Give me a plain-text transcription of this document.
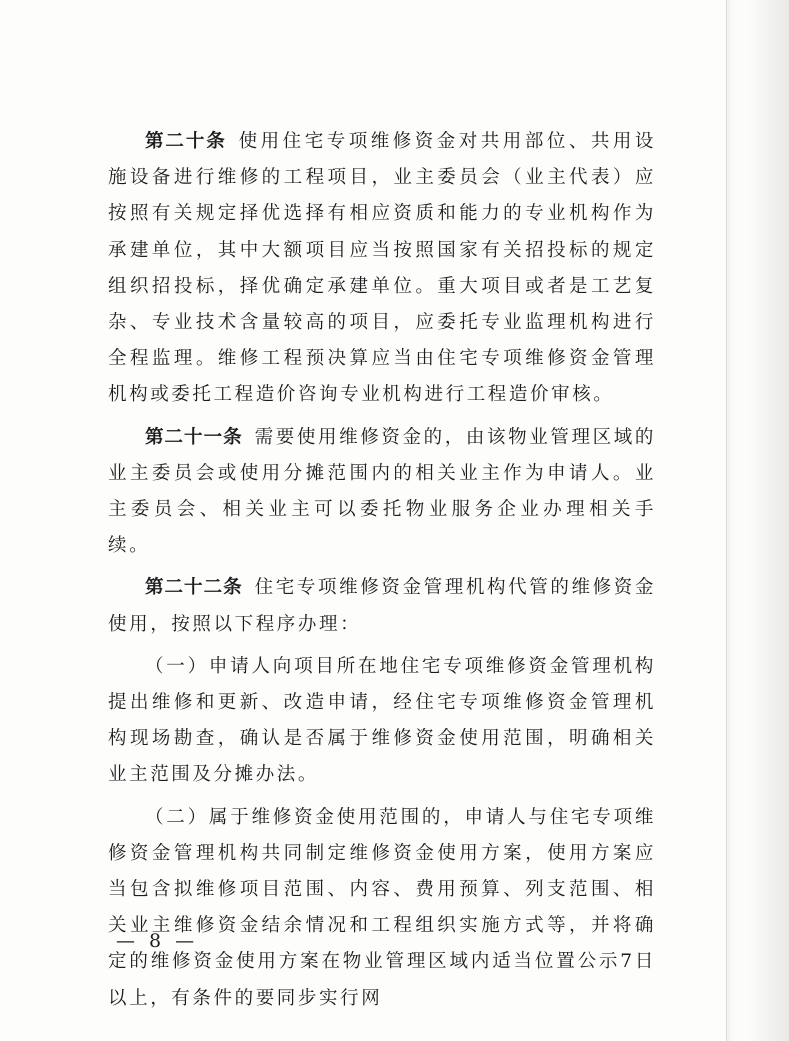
第二十条 使用住宅专项维修资金对共用部位、共用设施设备进行维修的工程项目，业主委员会（业主代表）应按照有关规定择优选择有相应资质和能力的专业机构作为承建单位，其中大额项目应当按照国家有关招投标的规定组织招投标，择优确定承建单位。重大项目或者是工艺复杂、专业技术含量较高的项目，应委托专业监理机构进行全程监理。维修工程预决算应当由住宅专项维修资金管理机构或委托工程造价咨询专业机构进行工程造价审核。

第二十一条 需要使用维修资金的，由该物业管理区域的业主委员会或使用分摊范围内的相关业主作为申请人。业主委员会、相关业主可以委托物业服务企业办理相关手续。

第二十二条 住宅专项维修资金管理机构代管的维修资金使用，按照以下程序办理：

（一）申请人向项目所在地住宅专项维修资金管理机构提出维修和更新、改造申请，经住宅专项维修资金管理机构现场勘查，确认是否属于维修资金使用范围，明确相关业主范围及分摊办法。

（二）属于维修资金使用范围的，申请人与住宅专项维修资金管理机构共同制定维修资金使用方案，使用方案应当包含拟维修项目范围、内容、费用预算、列支范围、相关业主维修资金结余情况和工程组织实施方式等，并将确定的维修资金使用方案在物业管理区域内适当位置公示7日以上，有条件的要同步实行网

— 8 —
